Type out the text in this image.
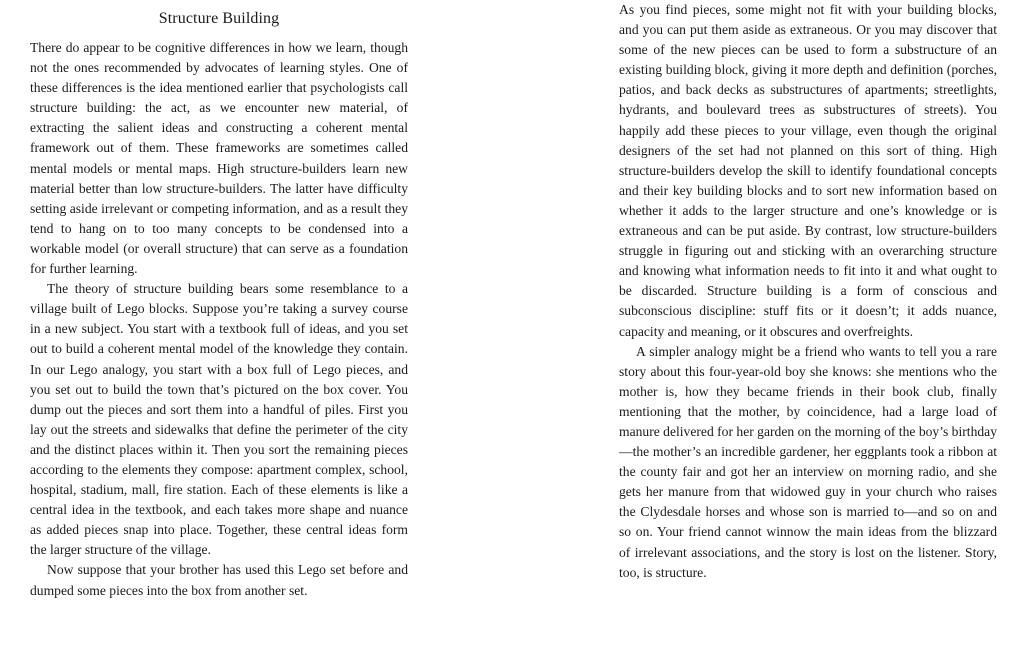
Structure Building

There do appear to be cognitive differences in how we learn, though not the ones recommended by advocates of learning styles. One of these differences is the idea mentioned earlier that psychologists call structure building: the act, as we encounter new material, of extracting the salient ideas and constructing a coherent mental framework out of them. These frameworks are sometimes called mental models or mental maps. High structure-builders learn new material better than low structure-builders. The latter have difficulty setting aside irrelevant or competing information, and as a result they tend to hang on to too many concepts to be condensed into a workable model (or overall structure) that can serve as a foundation for further learning.

The theory of structure building bears some resemblance to a village built of Lego blocks. Suppose you’re taking a survey course in a new subject. You start with a textbook full of ideas, and you set out to build a coherent mental model of the knowledge they contain. In our Lego analogy, you start with a box full of Lego pieces, and you set out to build the town that’s pictured on the box cover. You dump out the pieces and sort them into a handful of piles. First you lay out the streets and sidewalks that define the perimeter of the city and the distinct places within it. Then you sort the remaining pieces according to the elements they compose: apartment complex, school, hospital, stadium, mall, fire station. Each of these elements is like a central idea in the textbook, and each takes more shape and nuance as added pieces snap into place. Together, these central ideas form the larger structure of the village.

Now suppose that your brother has used this Lego set before and dumped some pieces into the box from another set.

As you find pieces, some might not fit with your building blocks, and you can put them aside as extraneous. Or you may discover that some of the new pieces can be used to form a substructure of an existing building block, giving it more depth and definition (porches, patios, and back decks as substructures of apartments; streetlights, hydrants, and boulevard trees as substructures of streets). You happily add these pieces to your village, even though the original designers of the set had not planned on this sort of thing. High structure-builders develop the skill to identify foundational concepts and their key building blocks and to sort new information based on whether it adds to the larger structure and one’s knowledge or is extraneous and can be put aside. By contrast, low structure-builders struggle in figuring out and sticking with an overarching structure and knowing what information needs to fit into it and what ought to be discarded. Structure building is a form of conscious and subconscious discipline: stuff fits or it doesn’t; it adds nuance, capacity and meaning, or it obscures and overfreights.

A simpler analogy might be a friend who wants to tell you a rare story about this four-year-old boy she knows: she mentions who the mother is, how they became friends in their book club, finally mentioning that the mother, by coincidence, had a large load of manure delivered for her garden on the morning of the boy’s birthday—the mother’s an incredible gardener, her eggplants took a ribbon at the county fair and got her an interview on morning radio, and she gets her manure from that widowed guy in your church who raises the Clydesdale horses and whose son is married to—and so on and so on. Your friend cannot winnow the main ideas from the blizzard of irrelevant associations, and the story is lost on the listener. Story, too, is structure.
